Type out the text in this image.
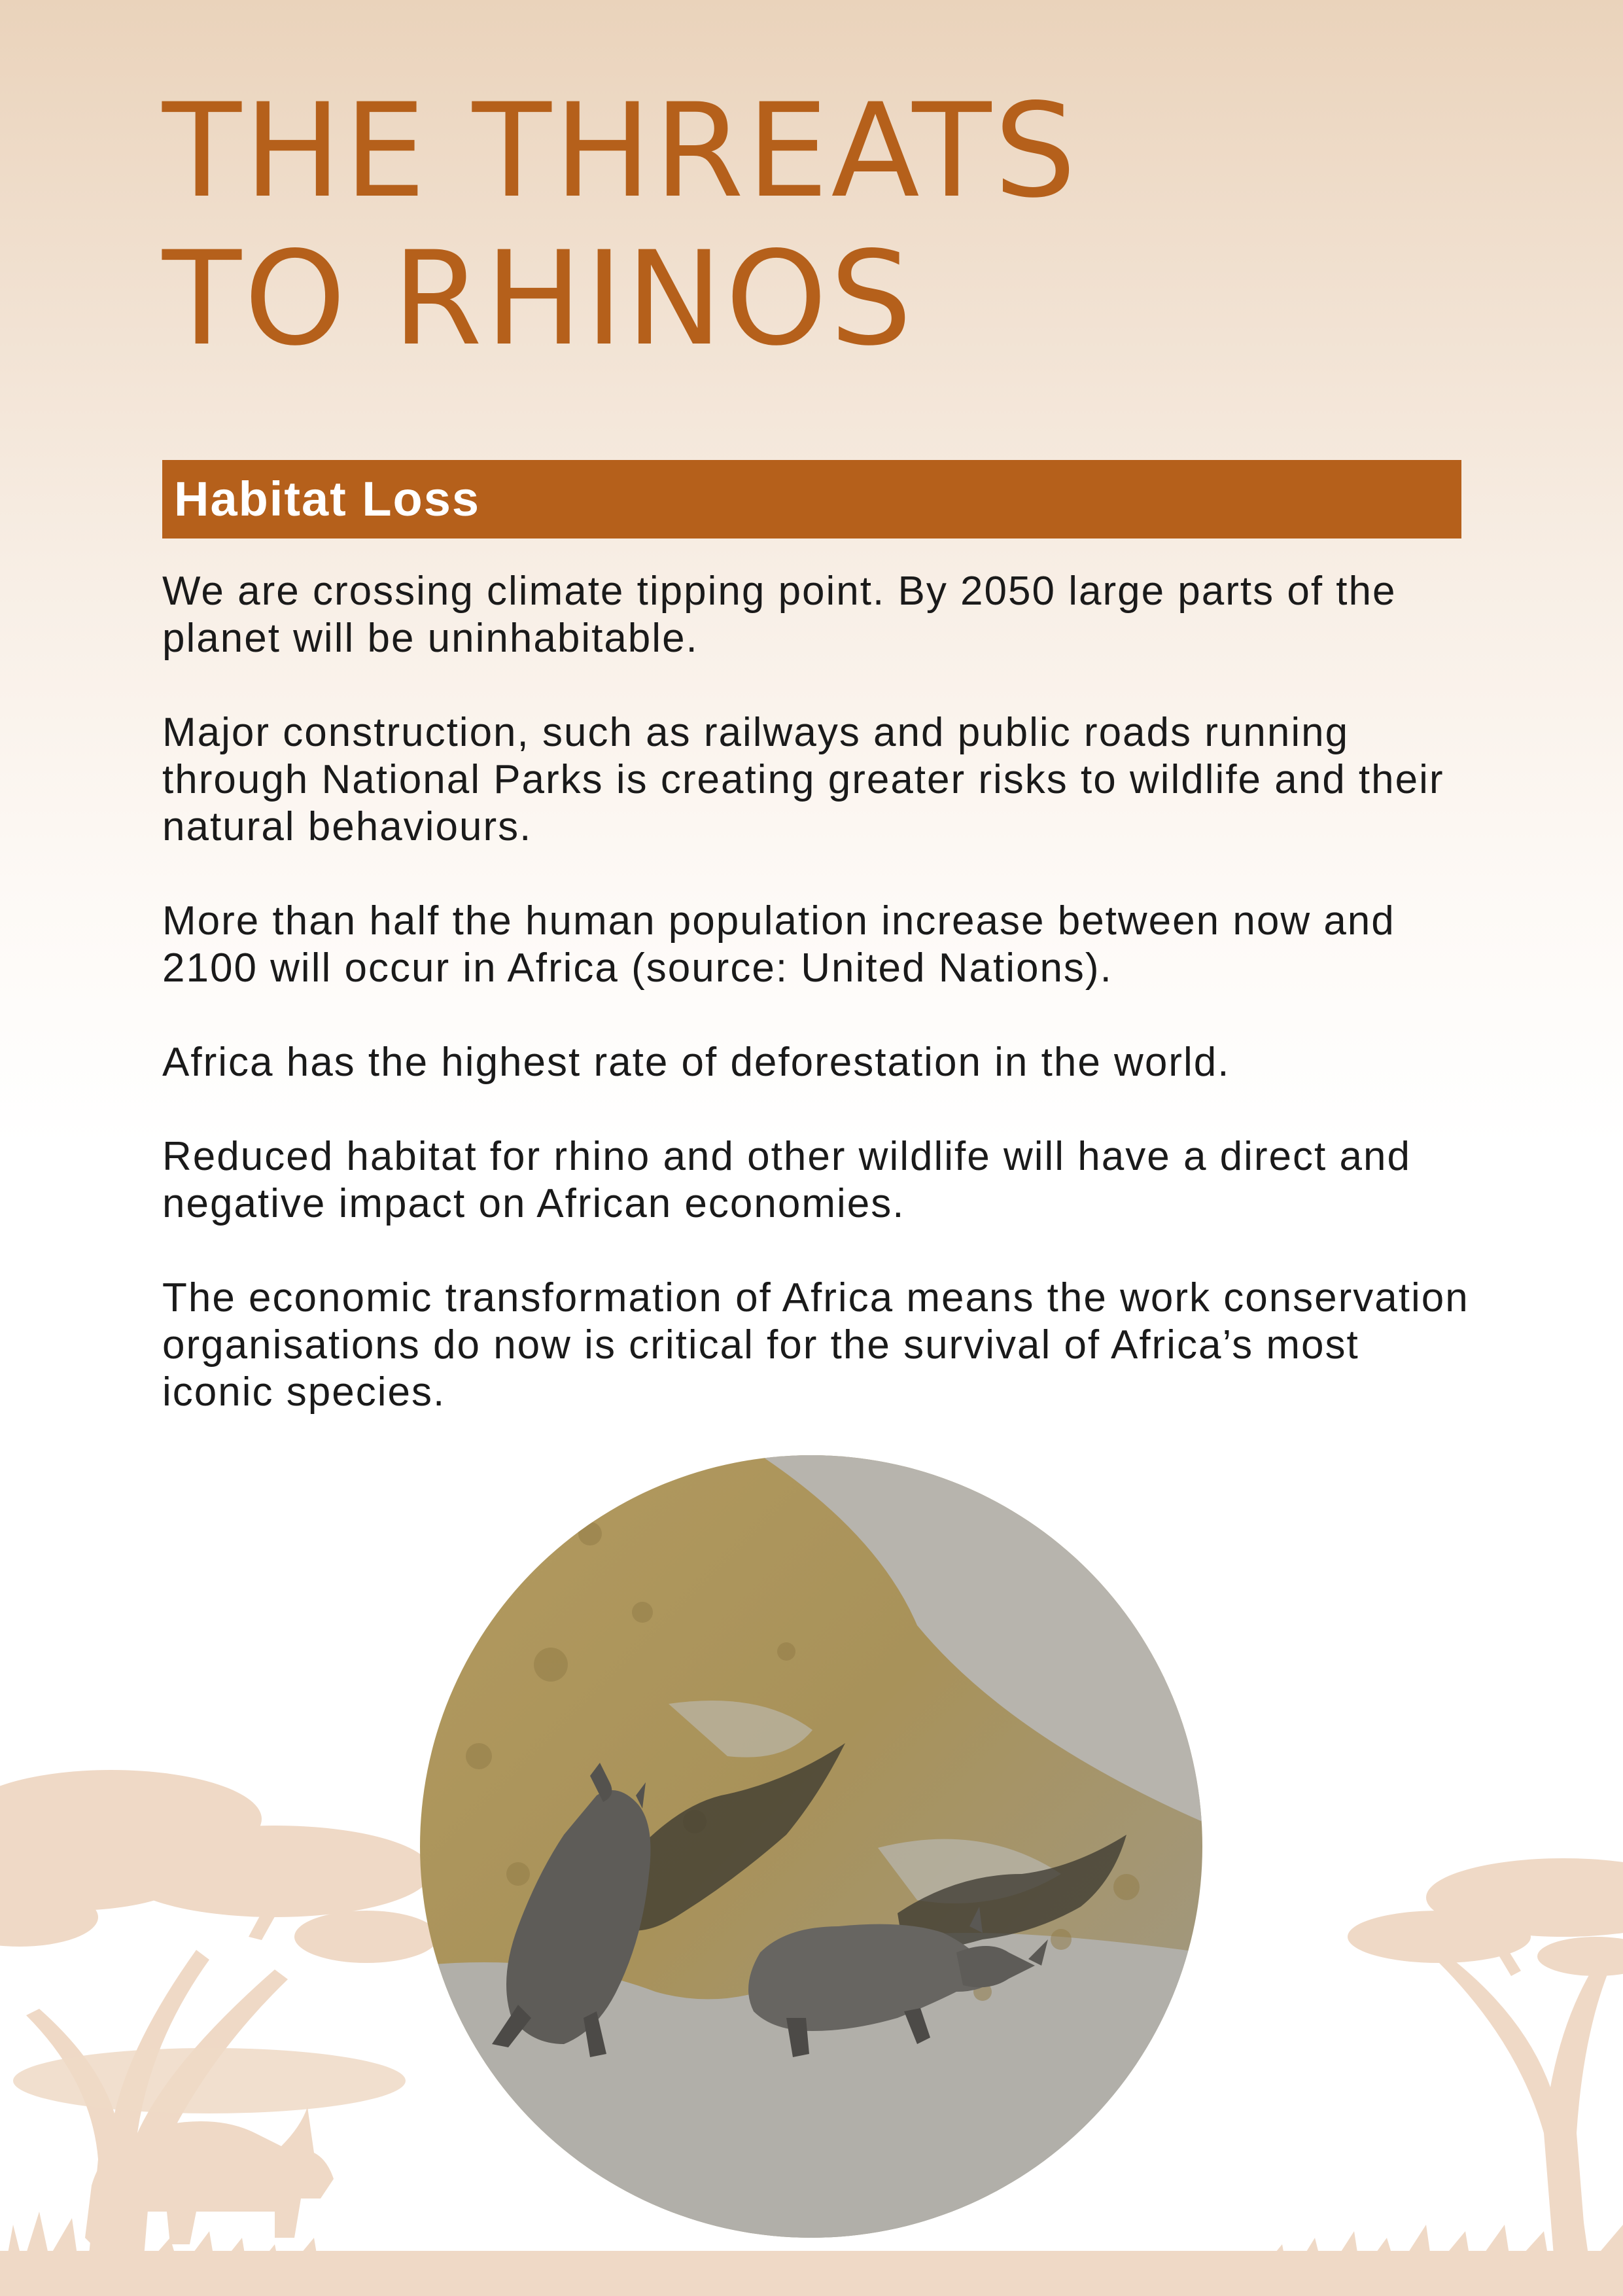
THE THREATS
TO RHINOS
Habitat Loss

We are crossing climate tipping point. By 2050 large parts of the planet will be uninhabitable.

Major construction, such as railways and public roads running through National Parks is creating greater risks to wildlife and their natural behaviours.

More than half the human population increase between now and 2100 will occur in Africa (source: United Nations).

Africa has the highest rate of deforestation in the world.

Reduced habitat for rhino and other wildlife will have a direct and negative impact on African economies.

The economic transformation of Africa means the work conservation organisations do now is critical for the survival of Africa’s most iconic species.
